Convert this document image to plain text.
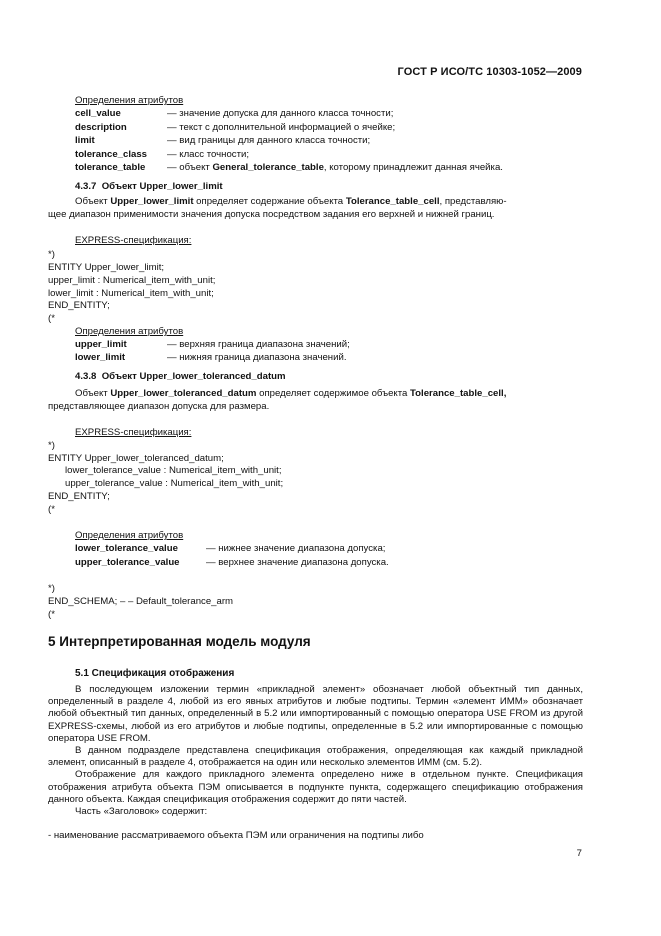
ГОСТ Р ИСО/ТС 10303-1052—2009
Определения атрибутов
cell_value	— значение допуска для данного класса точности;
description	— текст с дополнительной информацией о ячейке;
limit	— вид границы для данного класса точности;
tolerance_class — класс точности;
tolerance_table — объект General_tolerance_table, которому принадлежит данная ячейка.
4.3.7 Объект Upper_lower_limit
Объект Upper_lower_limit определяет содержание объекта Tolerance_table_cell, представляю-
щее диапазон применимости значения допуска посредством задания его верхней и нижней границ.
EXPRESS-спецификация:
*)
ENTITY Upper_lower_limit;
upper_limit : Numerical_item_with_unit;
lower_limit : Numerical_item_with_unit;
END_ENTITY;
(*
Определения атрибутов
upper_limit	— верхняя граница диапазона значений;
lower_limit	— нижняя граница диапазона значений.
4.3.8 Объект Upper_lower_toleranced_datum
Объект Upper_lower_toleranced_datum определяет содержимое объекта Tolerance_table_cell,
представляющее диапазон допуска для размера.
EXPRESS-спецификация:
*)
ENTITY Upper_lower_toleranced_datum;
lower_tolerance_value : Numerical_item_with_unit;
upper_tolerance_value : Numerical_item_with_unit;
END_ENTITY;
(*
Определения атрибутов
lower_tolerance_value	— нижнее значение диапазона допуска;
upper_tolerance_value	— верхнее значение диапазона допуска.
*)
END_SCHEMA; – – Default_tolerance_arm
(*
5 Интерпретированная модель модуля
5.1 Спецификация отображения

В последующем изложении термин «прикладной элемент» обозначает любой объектный тип данных, определенный в разделе 4, любой из его явных атрибутов и любые подтипы. Термин «элемент ИММ» обозначает любой объектный тип данных, определенный в 5.2 или импортированный с помощью оператора USE FROM из другой EXPRESS-схемы, любой из его атрибутов и любые подтипы, определенные в 5.2 или импортированные с помощью оператора USE FROM.

В данном подразделе представлена спецификация отображения, определяющая как каждый прикладной элемент, описанный в разделе 4, отображается на один или несколько элементов ИММ (см. 5.2).

Отображение для каждого прикладного элемента определено ниже в отдельном пункте. Спецификация отображения атрибута объекта ПЭМ описывается в подпункте пункта, содержащего спецификацию отображения данного объекта. Каждая спецификация отображения содержит до пяти частей.

Часть «Заголовок» содержит:

- наименование рассматриваемого объекта ПЭМ или ограничения на подтипы либо
7
